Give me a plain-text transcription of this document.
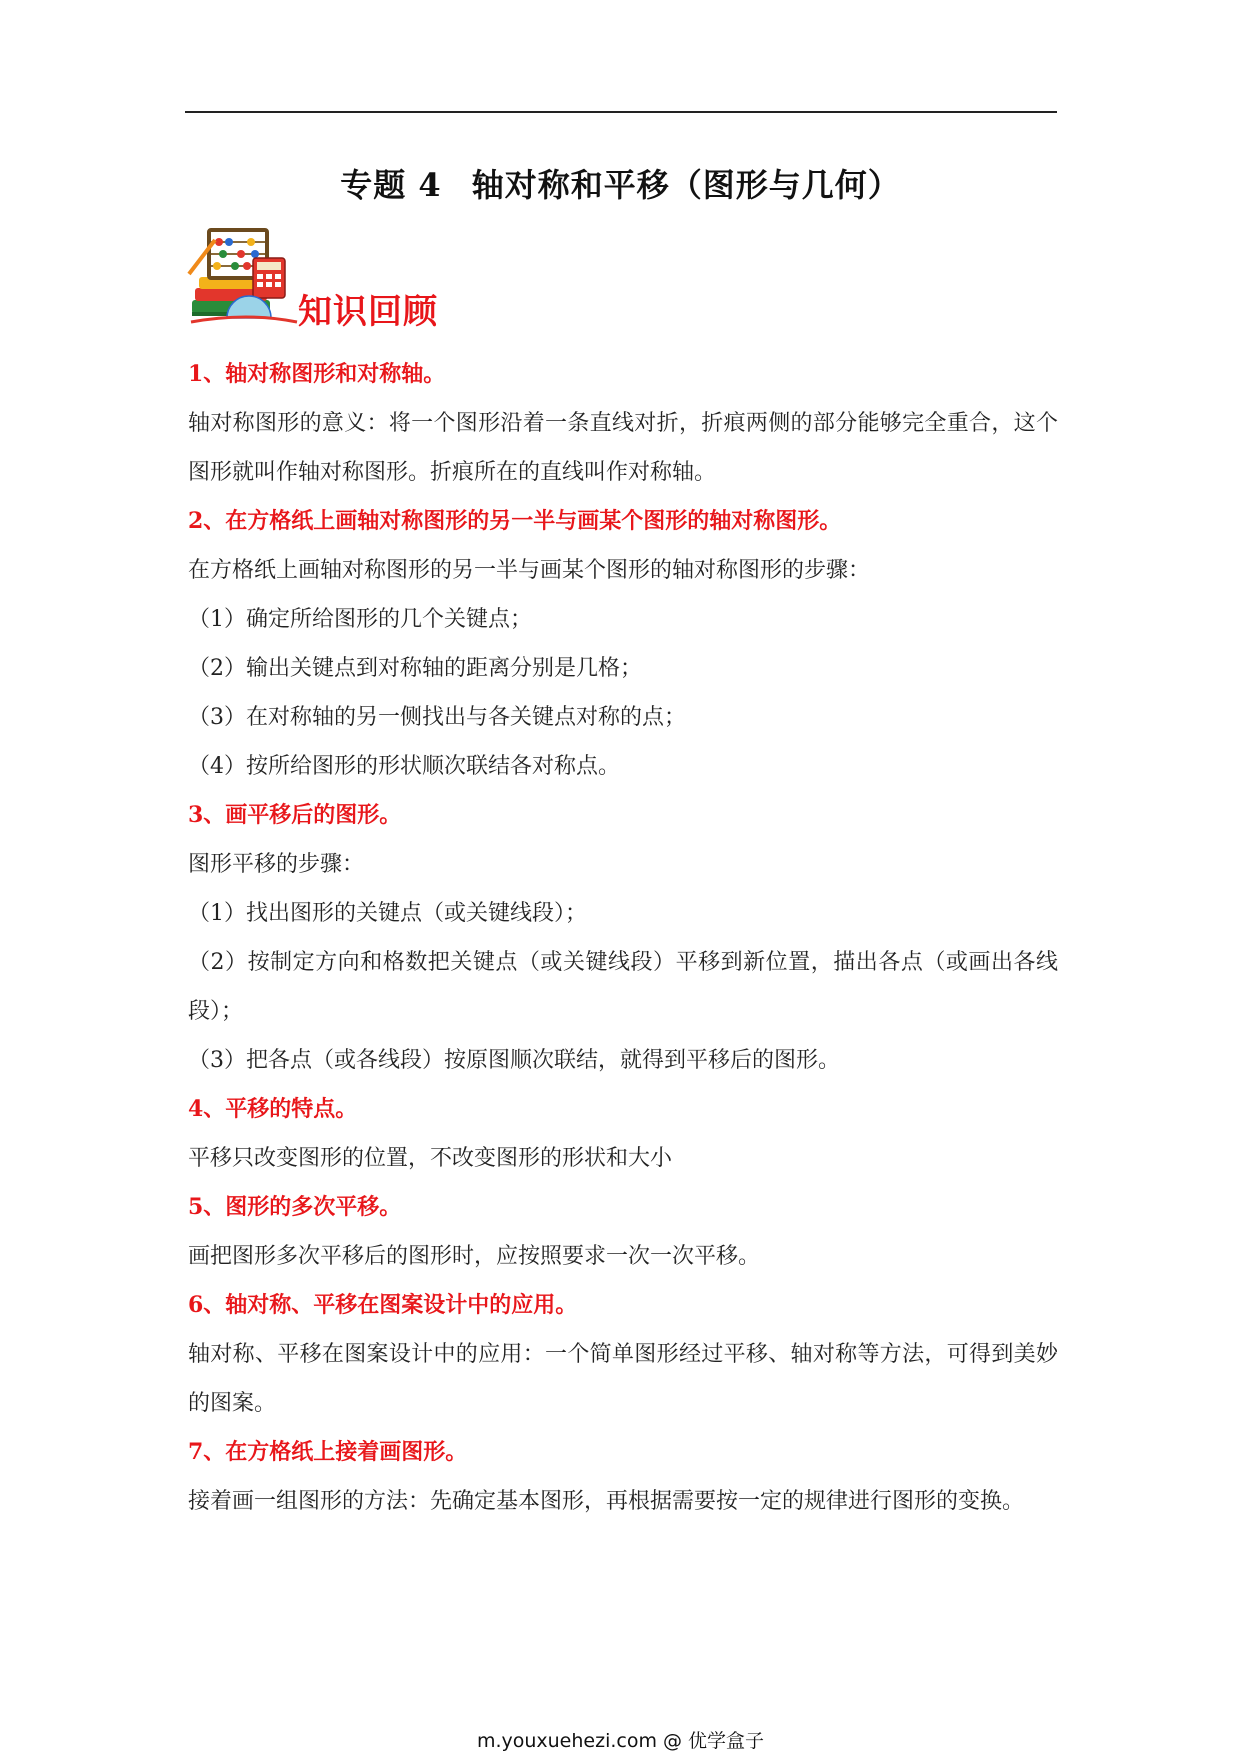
专题 4 轴对称和平移（图形与几何）
知识回顾

1、轴对称图形和对称轴。

轴对称图形的意义：将一个图形沿着一条直线对折，折痕两侧的部分能够完全重合，这个图形就叫作轴对称图形。折痕所在的直线叫作对称轴。

2、在方格纸上画轴对称图形的另一半与画某个图形的轴对称图形。

在方格纸上画轴对称图形的另一半与画某个图形的轴对称图形的步骤：

（1）确定所给图形的几个关键点；

（2）输出关键点到对称轴的距离分别是几格；

（3）在对称轴的另一侧找出与各关键点对称的点；

（4）按所给图形的形状顺次联结各对称点。

3、画平移后的图形。

图形平移的步骤：

（1）找出图形的关键点（或关键线段）；

（2）按制定方向和格数把关键点（或关键线段）平移到新位置，描出各点（或画出各线段）；

（3）把各点（或各线段）按原图顺次联结，就得到平移后的图形。

4、平移的特点。

平移只改变图形的位置，不改变图形的形状和大小

5、图形的多次平移。

画把图形多次平移后的图形时，应按照要求一次一次平移。

6、轴对称、平移在图案设计中的应用。

轴对称、平移在图案设计中的应用：一个简单图形经过平移、轴对称等方法，可得到美妙的图案。

7、在方格纸上接着画图形。

接着画一组图形的方法：先确定基本图形，再根据需要按一定的规律进行图形的变换。

m.youxuehezi.com @ 优学盒子
